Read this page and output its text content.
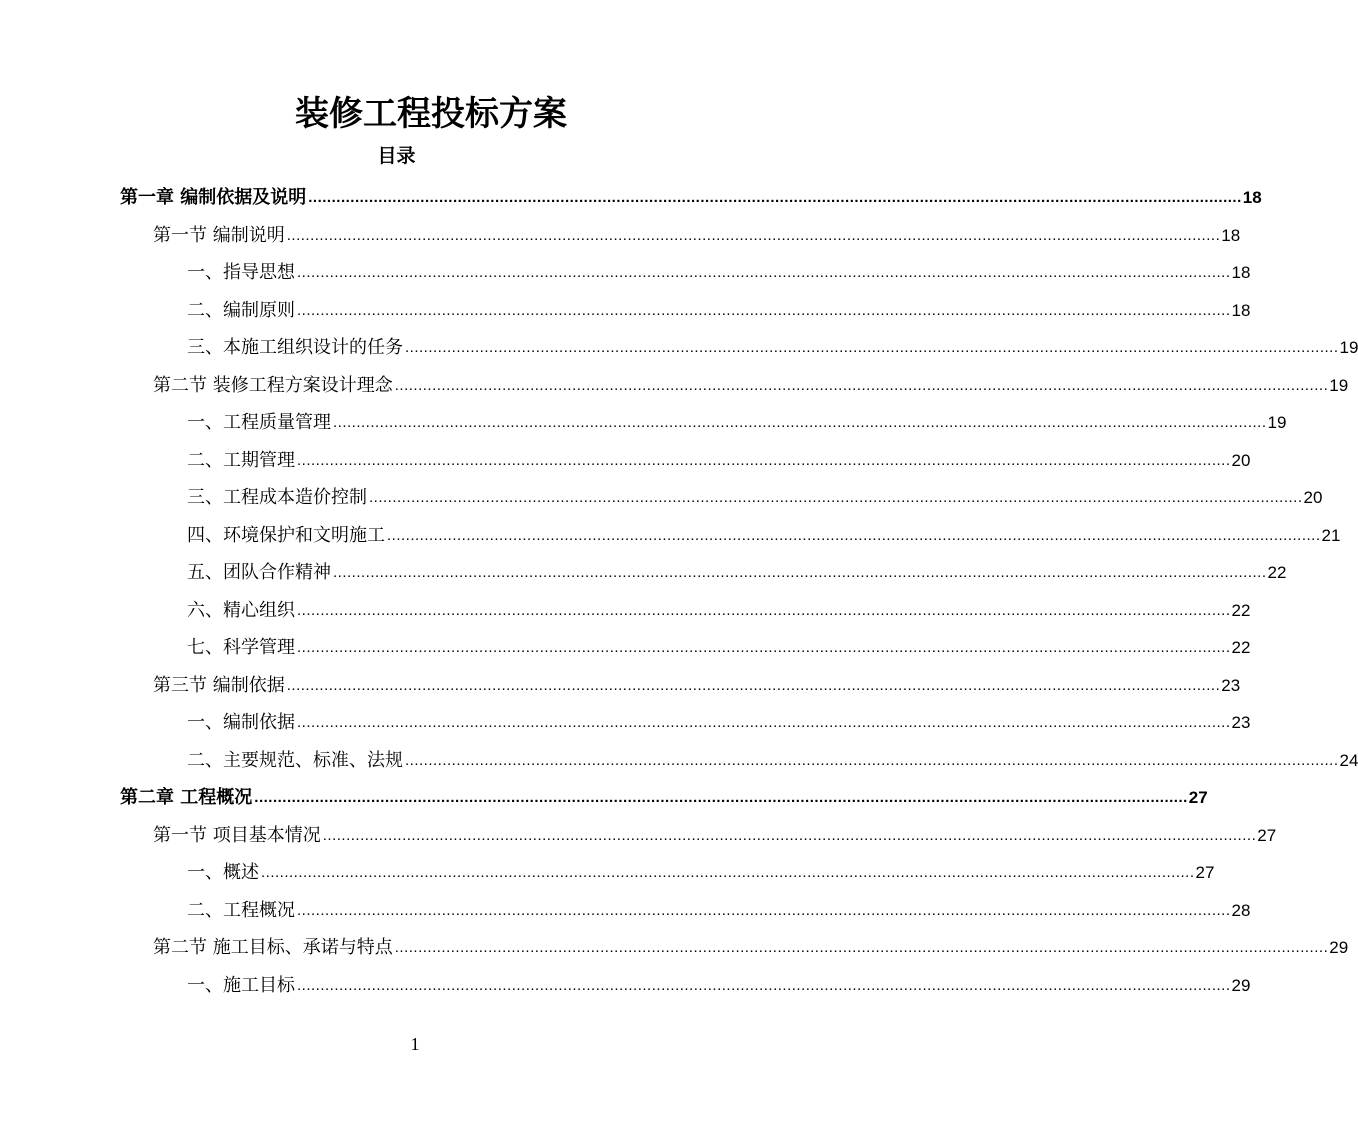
装修工程投标方案
目录
第一章 编制依据及说明 ........................................................................................................................................................................................................ 18
第一节 编制说明 ........................................................................................................................................................................................................ 18
一、指导思想 ........................................................................................................................................................................................................ 18
二、编制原则 ........................................................................................................................................................................................................ 18
三、本施工组织设计的任务 ........................................................................................................................................................................................................ 19
第二节 装修工程方案设计理念 ........................................................................................................................................................................................................ 19
一、工程质量管理 ........................................................................................................................................................................................................ 19
二、工期管理 ........................................................................................................................................................................................................ 20
三、工程成本造价控制 ........................................................................................................................................................................................................ 20
四、环境保护和文明施工 ........................................................................................................................................................................................................ 21
五、团队合作精神 ........................................................................................................................................................................................................ 22
六、精心组织 ........................................................................................................................................................................................................ 22
七、科学管理 ........................................................................................................................................................................................................ 22
第三节 编制依据 ........................................................................................................................................................................................................ 23
一、编制依据 ........................................................................................................................................................................................................ 23
二、主要规范、标准、法规 ........................................................................................................................................................................................................ 24
第二章 工程概况 ........................................................................................................................................................................................................ 27
第一节 项目基本情况 ........................................................................................................................................................................................................ 27
一、概述 ........................................................................................................................................................................................................ 27
二、工程概况 ........................................................................................................................................................................................................ 28
第二节 施工目标、承诺与特点 ........................................................................................................................................................................................................ 29
一、施工目标 ........................................................................................................................................................................................................ 29
1
